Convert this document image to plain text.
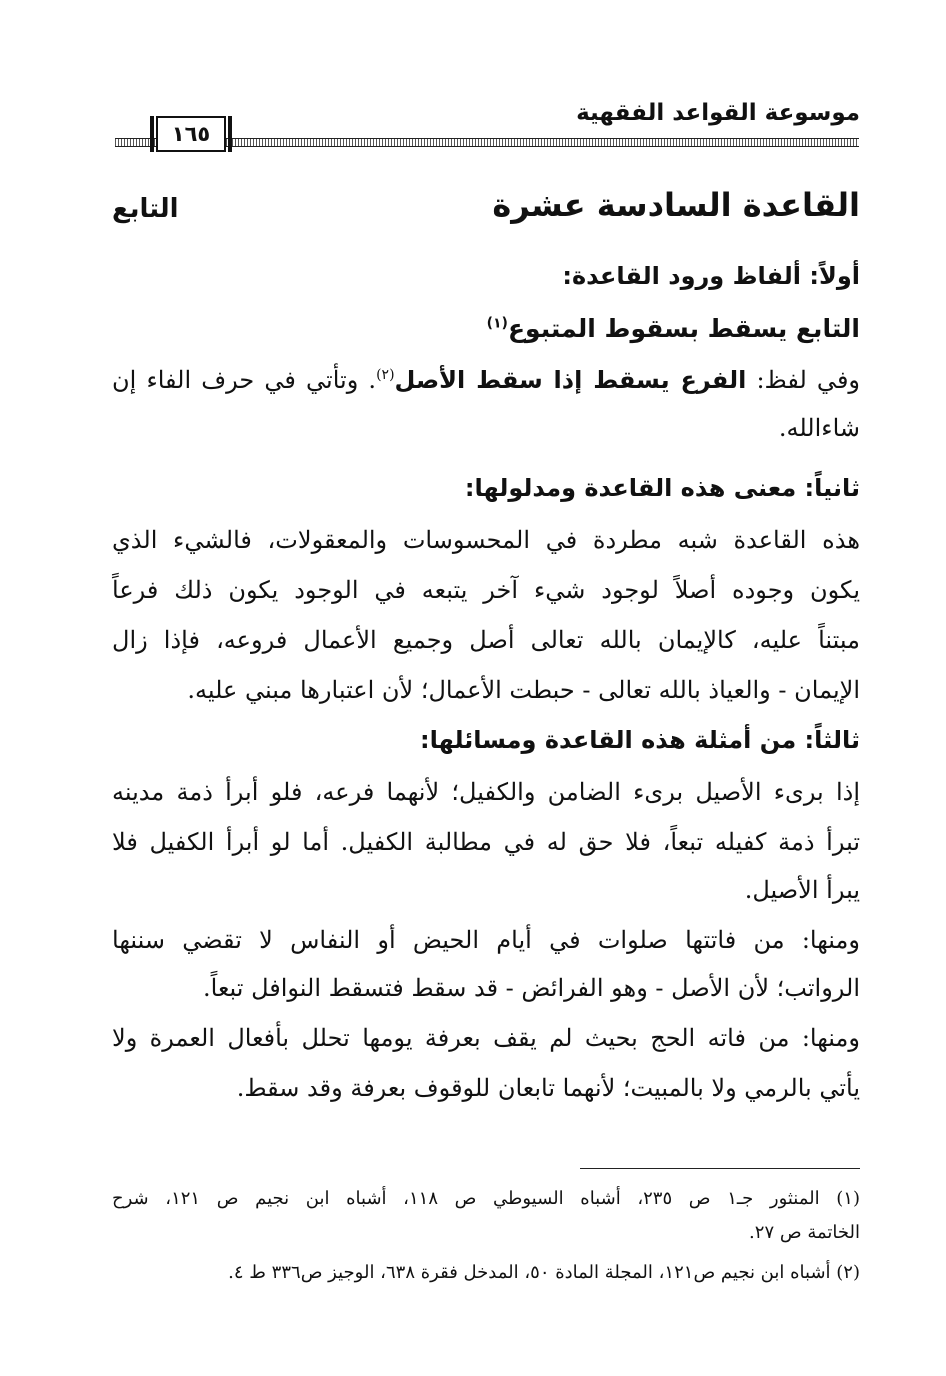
موسوعة القواعد الفقهية
١٦٥
القاعدة السادسة عشرة
التابع
أولاً: ألفاظ ورود القاعدة:
التابع يسقط بسقوط المتبوع$^{(١)}$
وفي لفظ: الفرع يسقط إذا سقط الأصل$^{(٢)}$. وتأتي في حرف الفاء إن
شاءالله.
ثانياً: معنى هذه القاعدة ومدلولها:
هذه القاعدة شبه مطردة في المحسوسات والمعقولات، فالشيء الذي
يكون وجوده أصلاً لوجود شيء آخر يتبعه في الوجود يكون ذلك فرعاً
مبتناً عليه، كالإيمان بالله تعالى أصل وجميع الأعمال فروعه، فإذا زال
الإيمان - والعياذ بالله تعالى - حبطت الأعمال؛ لأن اعتبارها مبني عليه.
ثالثاً: من أمثلة هذه القاعدة ومسائلها:
إذا برىء الأصيل برىء الضامن والكفيل؛ لأنهما فرعه، فلو أبرأ ذمة مدينه
تبرأ ذمة كفيله تبعاً، فلا حق له في مطالبة الكفيل. أما لو أبرأ الكفيل فلا
يبرأ الأصيل.
ومنها: من فاتتها صلوات في أيام الحيض أو النفاس لا تقضي سننها
الرواتب؛ لأن الأصل - وهو الفرائض - قد سقط فتسقط النوافل تبعاً.
ومنها: من فاته الحج بحيث لم يقف بعرفة يومها تحلل بأفعال العمرة ولا
يأتي بالرمي ولا بالمبيت؛ لأنهما تابعان للوقوف بعرفة وقد سقط.
(١) المنثور جـ١ ص ٢٣٥، أشباه السيوطي ص ١١٨، أشباه ابن نجيم ص ١٢١، شرح
الخاتمة ص ٢٧.
(٢) أشباه ابن نجيم ص١٢١، المجلة المادة ٥٠، المدخل فقرة ٦٣٨، الوجيز ص٣٣٦ ط ٤.
